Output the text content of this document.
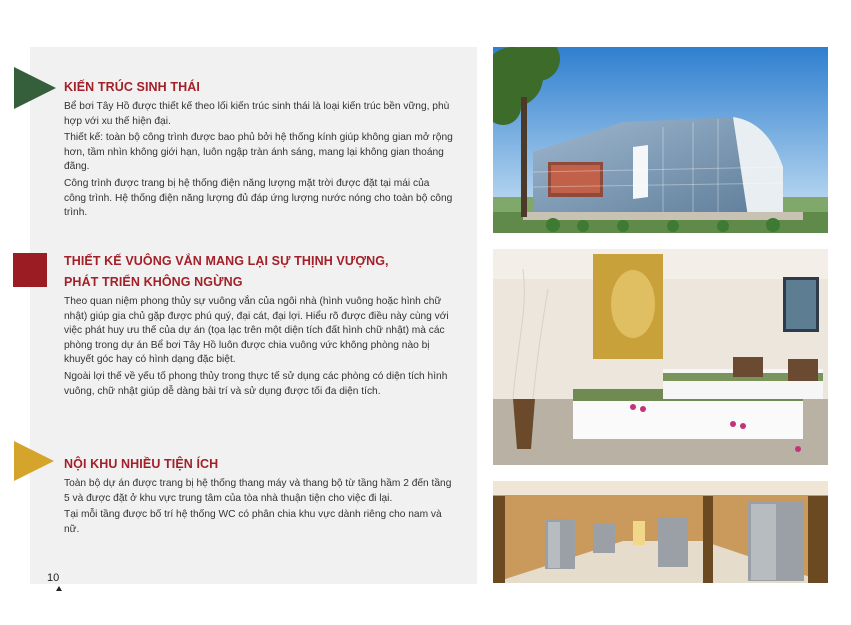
KIẾN TRÚC SINH THÁI

Bể bơi Tây Hồ được thiết kế theo lối kiến trúc sinh thái là loại kiến trúc bền vững, phù hợp với xu thế hiện đại.

Thiết kế: toàn bộ công trình được bao phủ bởi hệ thống kính giúp không gian mở rộng hơn, tầm nhìn không giới hạn, luôn ngập tràn ánh sáng, mang lại không gian thoáng đãng.

Công trình được trang bị hệ thống điện năng lượng mặt trời được đặt tại mái của công trình. Hệ thống điện năng lượng đủ đáp ứng lượng nước nóng cho toàn bộ công trình.

THIẾT KẾ VUÔNG VẮN MANG LẠI SỰ THỊNH VƯỢNG,
PHÁT TRIỂN KHÔNG NGỪNG

Theo quan niệm phong thủy sự vuông vắn của ngôi nhà (hình vuông hoặc hình chữ nhật) giúp gia chủ gặp được phú quý, đại cát, đại lợi. Hiểu rõ được điều này cùng với việc phát huy ưu thế của dự án (tọa lạc trên một diện tích đất hình chữ nhật) mà các phòng trong dự án Bể bơi Tây Hồ luôn được chia vuông vức không phòng nào bị khuyết góc hay có hình dạng đặc biệt.

Ngoài lợi thế về yếu tố phong thủy trong thực tế sử dụng các phòng có diện tích hình vuông, chữ nhật giúp dễ dàng bài trí và sử dụng được tối đa diện tích.

NỘI KHU NHIỀU TIỆN ÍCH

Toàn bộ dự án được trang bị hệ thống thang máy và thang bộ từ tầng hầm 2 đến tầng 5 và được đặt ở khu vực trung tâm của tòa nhà thuận tiện cho việc đi lại.

Tại mỗi tầng được bố trí hệ thống WC có phân chia khu vực dành riêng cho nam và nữ.

10
